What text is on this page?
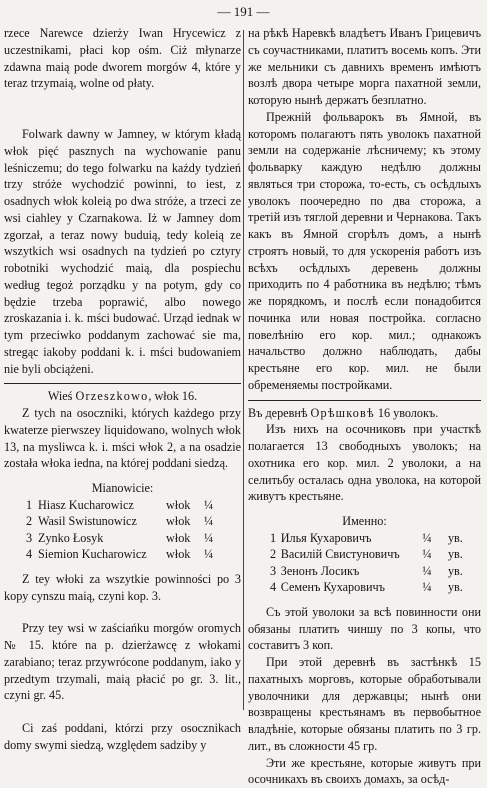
— 191 —

rzece Narewce dzierży Iwan Hrycewicz z uczestnikami, płaci kop ośm. Ciż młynarze zdawna maią pode dworem morgów 4, które y teraz trzymaią, wolne od płaty.

Folwark dawny w Jamney, w którym kładą włok pięć pasznych na wychowanie panu leśniczemu; do tego folwarku na każdy tydzień trzy stróże wychodzić powinni, to iest, z osadnych włok koleią po dwa stróże, a trzeci ze wsi ciahley y Czarnakowa. Iż w Jamney dom zgorzał, a teraz nowy buduią, tedy koleią ze wszytkich wsi osadnych na tydzień po cztyry robotniki wychodzić maią, dla pospiechu według tegoż porządku y na potym, gdy co będzie trzeba poprawić, albo nowego zroskazania i. k. mści budować. Urząd iednak w tym przeciwko poddanym zachować sie ma, stregąc iakoby poddani k. i. mści budowaniem nie byli obciążeni.

Wieś Orzeszkowo, włok 16.

Z tych na osoczniki, których każdego przy kwaterze pierwszey liquidowano, wolnych włok 13, na mysliwca k. i. mści włok 2, a na osadzie została włoka iedna, na której poddani siedzą.

Mianowicie:

1	Hiasz Kucharowicz	włok	¼
2	Wasil Swistunowicz	włok	¼
3	Zynko Łosyk	włok	¼
4	Siemion Kucharowicz	włok	¼

Z tey włoki za wszytkie powinności po 3 kopy cynszu maią, czyni kop. 3.

Przy tey wsi w zaściańku morgów oromych № 15. które na p. dzierżawcę z włokami zarabiano; teraz przywrócone poddanym, iako y przedtym trzymali, maią płacić po gr. 3. lit., czyni gr. 45.

Ci zaś poddani, którzi przy osocznikach domy swymi siedzą, względem sadziby y

на рѣкѣ Наревкѣ владѣетъ Иванъ Грицевичъ съ соучастниками, платитъ восемь копъ. Эти же мельники съ давнихъ временъ имѣютъ возлѣ двора четыре морга пахатной земли, которую нынѣ держатъ безплатно.

Прежній фольварокъ въ Ямной, въ которомъ полагаютъ пять уволокъ пахатной земли на содержаніе лѣсничему; къ этому фольварку каждую недѣлю должны являться три сторожа, то-есть, съ осѣдлыхъ уволокъ поочередно по два сторожа, а третій изъ тяглой деревни и Чернакова. Такъ какъ въ Ямной сгорѣлъ домъ, а нынѣ строятъ новый, то для ускоренія работъ изъ всѣхъ осѣдлыхъ деревень должны приходить по 4 работника въ недѣлю; тѣмъ же порядкомъ, и послѣ если понадобится починка или новая постройка. согласно повелѣнію его кор. мил.; однакожъ начальство должно наблюдать, дабы крестьяне его кор. мил. не были обременяемы постройками.

Въ деревнѣ Орѣшковѣ 16 уволокъ.

Изъ нихъ на осочниковъ при участкѣ полагается 13 свободныхъ уволокъ; на охотника его кор. мил. 2 уволоки, а на селитьбу осталась одна уволока, на которой живутъ крестьяне.

Именно:

1	Илья Кухаровичъ	¼	ув.
2	Василій Свистуновичъ	¼	ув.
3	Зенонъ Лосикъ	¼	ув.
4	Семенъ Кухаровичъ	¼	ув.

Съ этой уволоки за всѣ повинности они обязаны платить чиншу по 3 копы, что составитъ 3 коп.

При этой деревнѣ въ застѣнкѣ 15 пахатныхъ морговъ, которые обработывали уволочники для державцы; нынѣ они возвращены крестьянамъ въ первобытное владѣніе, которые обязаны платить по 3 гр. лит., въ сложности 45 гр.

Эти же крестьяне, которые живутъ при осочникахъ въ своихъ домахъ, за осѣд-
